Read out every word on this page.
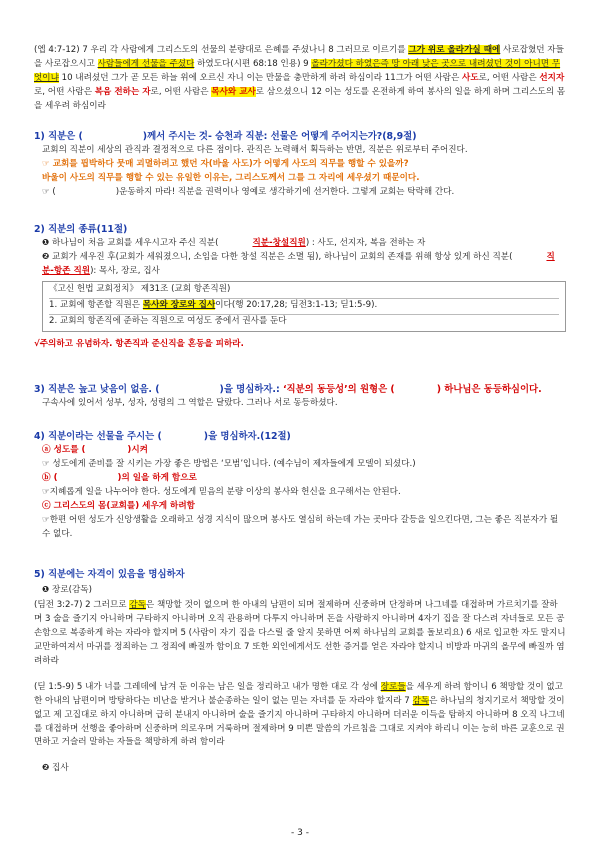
(엡 4:7-12) 7 우리 각 사람에게 그리스도의 선물의 분량대로 은혜를 주셨나니 8 그러므로 이르기를 그가 위로 올라가실 때에 사로잡혔던 자들을 사로잡으시고 사람들에게 선물을 주셨다 하였도다(시편 68:18 인용) 9 올라가셨다 하였은즉 땅 아래 낮은 곳으로 내려셨던 것이 아니면 무엇이냐 10 내려셨던 그가 곧 모든 하늘 위에 오르신 자니 이는 만물을 충만하게 하려 하심이라 11그가 어떤 사람은 사도로, 어떤 사람은 선지자로, 어떤 사람은 복음 전하는 자로, 어떤 사람은 목사와 교사로 삼으셨으니 12 이는 성도를 온전하게 하여 봉사의 일을 하게 하며 그리스도의 몸을 세우려 하심이라
1) 직분은 (	)께서 주시는 것- 승천과 직분: 선물은 어떻게 주어지는가?(8,9절)
교회의 직분이 세상의 관직과 결정적으로 다른 점이다. 관직은 노력해서 획득하는 반면, 직분은 위로부터 주어진다.
☞ 교회를 핍박하다 뭇매 괴멸하려고 했던 자(바울 사도)가 어떻게 사도의 직무를 행할 수 있을까?
바울이 사도의 직무를 행할 수 있는 유일한 이유는, 그리스도께서 그를 그 자리에 세우셨기 때문이다.
☞ (	)운동하지 마라! 직분을 권력이나 영예로 생각하기에 선거한다. 그렇게 교회는 탁락해 간다.
2) 직분의 종류(11절)
❶ 하나님이 처음 교회를 세우시고자 주신 직분(	직분-창설직원) : 사도, 선지자, 복음 전하는 자
❷ 교회가 세우진 후(교회가 세워졌으니, 소임을 다한 창설 직분은 소멸 됨), 하나님이 교회의 존재를 위해 항상 있게 하신 직분(	직분-항존 직원): 목사, 장로, 집사
《고신 헌법 교회정치》 제31조 (교회 항존직원)
1. 교회에 항존할 직원은 목사와 장로와 집사이다(행 20:17,28; 딤전3:1-13; 딛1:5-9).
2. 교회의 항존직에 준하는 직원으로 여성도 중에서 권사를 둔다
√주의하고 유념하자. 항존직과 준신직을 혼동을 피하라.
3) 직분은 높고 낮음이 없음. (	)을 명심하자.: ‘직분의 동등성’의 원형은 (	) 하나님은 동등하심이다.
구속사에 있어서 성부, 성자, 성령의 그 역할은 달랐다. 그러나 서로 동등하셨다.
4) 직분이라는 선물을 주시는 (	)을 명심하자.(12절)
ⓐ 성도를 (	)시켜
☞ 성도에게 준비를 잘 시키는 가장 좋은 방법은 ‘모범’입니다. (예수님이 제자들에게 모델이 되셨다.)
ⓑ (	)의 일을 하게 함으로
☞지혜롭게 일을 나누어야 한다. 성도에게 믿음의 분량 이상의 봉사와 헌신을 요구해서는 안된다.
ⓒ 그리스도의 몸(교회를) 세우게 하려함
☞한편 어떤 성도가 신앙생활을 오래하고 성경 지식이 많으며 봉사도 열심히 하는데 가는 곳마다 갈등을 일으킨다면, 그는 좋은 직분자가 될 수 없다.
5) 직분에는 자격이 있음을 명심하자
❶ 장로(감독)
(딤전 3:2-7) 2 그러므로 감독은 책망할 것이 없으며 한 아내의 남편이 되며 절제하며 신중하며 단정하며 나그네를 대접하며 가르치기를 잘하며 3 술을 즐기지 아니하며 구타하지 아니하며 오직 관용하며 다투지 아니하며 돈을 사랑하지 아니하며 4자기 집을 잘 다스려 자녀들로 모든 공손함으로 복종하게 하는 자라야 할지며 5 (사람이 자기 집을 다스릴 줄 알지 못하면 어찌 하나님의 교회를 돌보리요) 6 새로 입교한 자도 말지니 교만하여져서 마귀를 정죄하는 그 정죄에 빠질까 함이요 7 또한 외인에게서도 선한 증거를 얻은 자라야 할지니 비방과 마귀의 올무에 빠질까 염려하라
(딛 1:5-9) 5 내가 너를 그레데에 남겨 둔 이유는 남은 일을 정리하고 내가 명한 대로 각 성에 장로들을 세우게 하려 함이니 6 책망할 것이 없고 한 아내의 남편이며 방탕하다는 비난을 받거나 불순종하는 일이 없는 믿는 자녀를 둔 자라야 할지라 7 감독은 하나님의 청지기로서 책망할 것이 없고 제 고집대로 하지 아니하며 급히 분내지 아니하며 술을 즐기지 아니하며 구타하지 아니하며 더러운 이득을 탐하지 아니하며 8 오직 나그네를 대접하며 선행을 좋아하며 신중하며 의로우며 거룩하며 절제하며 9 미쁜 말씀의 가르침을 그대로 지켜야 하리니 이는 능히 바른 교훈으로 권면하고 거슬러 말하는 자들을 책망하게 하려 함이라
❷ 집사
- 3 -
